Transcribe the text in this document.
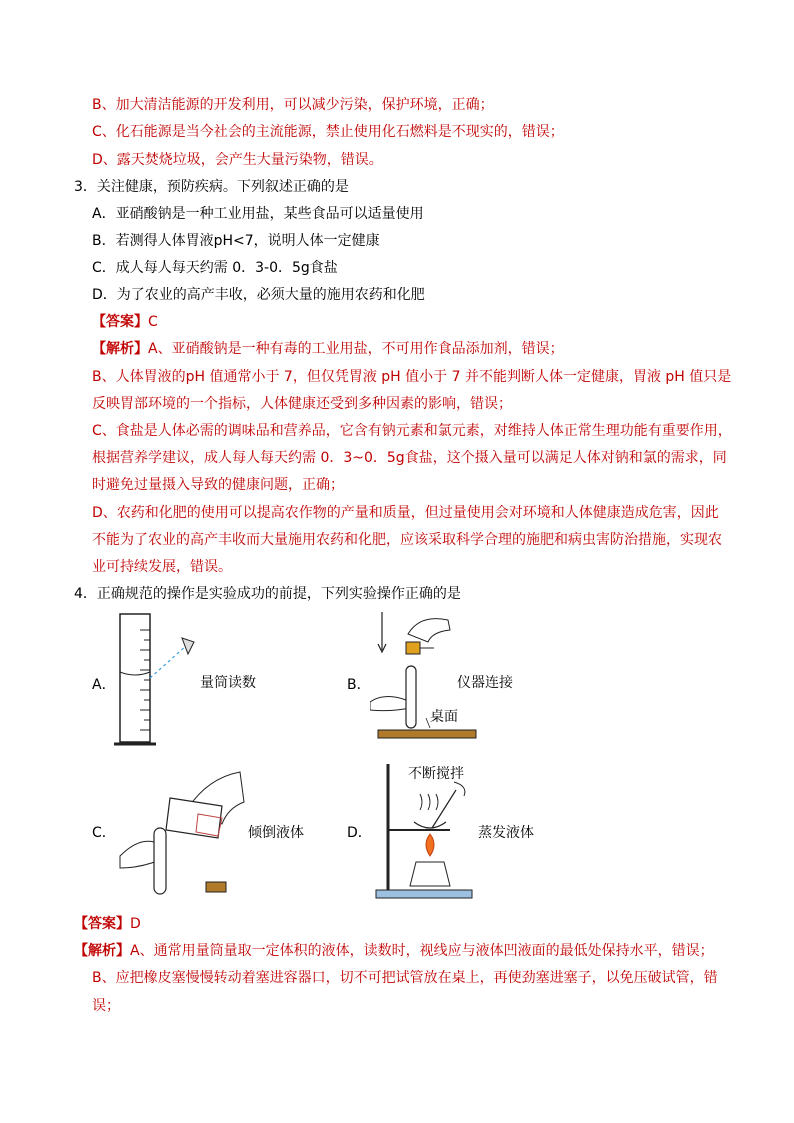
B、加大清洁能源的开发利用，可以减少污染，保护环境，正确；
C、化石能源是当今社会的主流能源，禁止使用化石燃料是不现实的，错误；
D、露天焚烧垃圾，会产生大量污染物，错误。
3．关注健康，预防疾病。下列叙述正确的是
A．亚硝酸钠是一种工业用盐，某些食品可以适量使用
B．若测得人体胃液pH<7，说明人体一定健康
C．成人每人每天约需 0．3-0．5g食盐
D．为了农业的高产丰收，必须大量的施用农药和化肥
【答案】C
【解析】A、亚硝酸钠是一种有毒的工业用盐，不可用作食品添加剂，错误；
B、人体胃液的pH 值通常小于 7，但仅凭胃液 pH 值小于 7 并不能判断人体一定健康，胃液 pH 值只是
反映胃部环境的一个指标，人体健康还受到多种因素的影响，错误；
C、食盐是人体必需的调味品和营养品，它含有钠元素和氯元素，对维持人体正常生理功能有重要作用，
根据营养学建议，成人每人每天约需 0．3~0．5g食盐，这个摄入量可以满足人体对钠和氯的需求，同
时避免过量摄入导致的健康问题，正确；
D、农药和化肥的使用可以提高农作物的产量和质量，但过量使用会对环境和人体健康造成危害，因此
不能为了农业的高产丰收而大量施用农药和化肥，应该采取科学合理的施肥和病虫害防治措施，实现农
业可持续发展，错误。
4．正确规范的操作是实验成功的前提，下列实验操作正确的是
A．	量筒读数	B．	仪器连接
桌面
C．	倾倒液体	D．	蒸发液体
不断搅拌
【答案】D
【解析】A、通常用量筒量取一定体积的液体，读数时，视线应与液体凹液面的最低处保持水平，错误；
B、应把橡皮塞慢慢转动着塞进容器口，切不可把试管放在桌上，再使劲塞进塞子，以免压破试管，错
误；
